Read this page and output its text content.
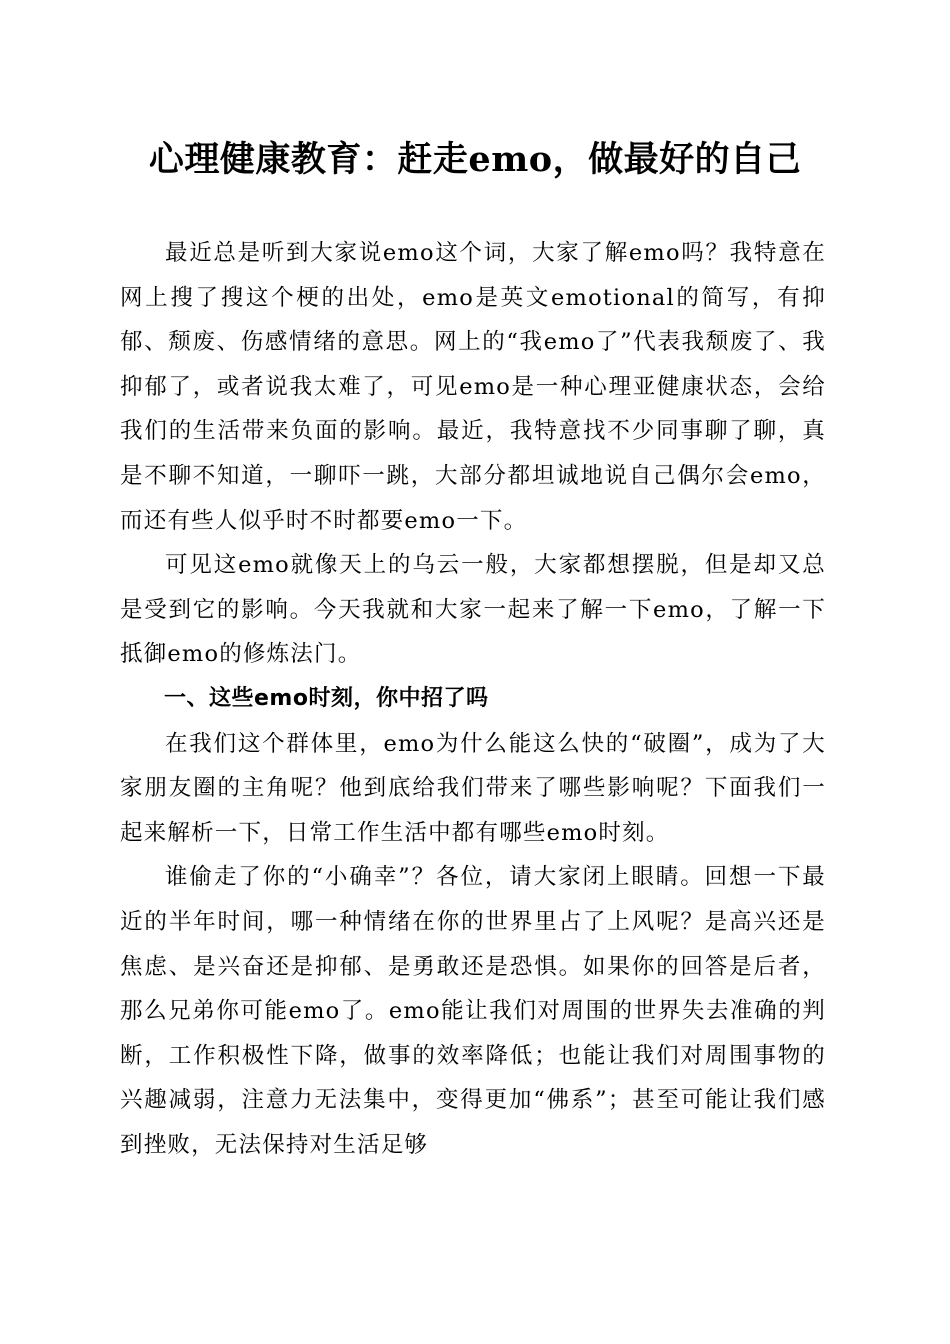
心理健康教育：赶走emo，做最好的自己

最近总是听到大家说emo这个词，大家了解emo吗？我特意在网上搜了搜这个梗的出处，emo是英文emotional的简写，有抑郁、颓废、伤感情绪的意思。网上的“我emo了”代表我颓废了、我抑郁了，或者说我太难了，可见emo是一种心理亚健康状态，会给我们的生活带来负面的影响。最近，我特意找不少同事聊了聊，真是不聊不知道，一聊吓一跳，大部分都坦诚地说自己偶尔会emo，而还有些人似乎时不时都要emo一下。

可见这emo就像天上的乌云一般，大家都想摆脱，但是却又总是受到它的影响。今天我就和大家一起来了解一下emo，了解一下抵御emo的修炼法门。

一、这些emo时刻，你中招了吗

在我们这个群体里，emo为什么能这么快的“破圈”，成为了大家朋友圈的主角呢？他到底给我们带来了哪些影响呢？下面我们一起来解析一下，日常工作生活中都有哪些emo时刻。

谁偷走了你的“小确幸”？各位，请大家闭上眼睛。回想一下最近的半年时间，哪一种情绪在你的世界里占了上风呢？是高兴还是焦虑、是兴奋还是抑郁、是勇敢还是恐惧。如果你的回答是后者，那么兄弟你可能emo了。emo能让我们对周围的世界失去准确的判断，工作积极性下降，做事的效率降低；也能让我们对周围事物的兴趣减弱，注意力无法集中，变得更加“佛系”；甚至可能让我们感到挫败，无法保持对生活足够
